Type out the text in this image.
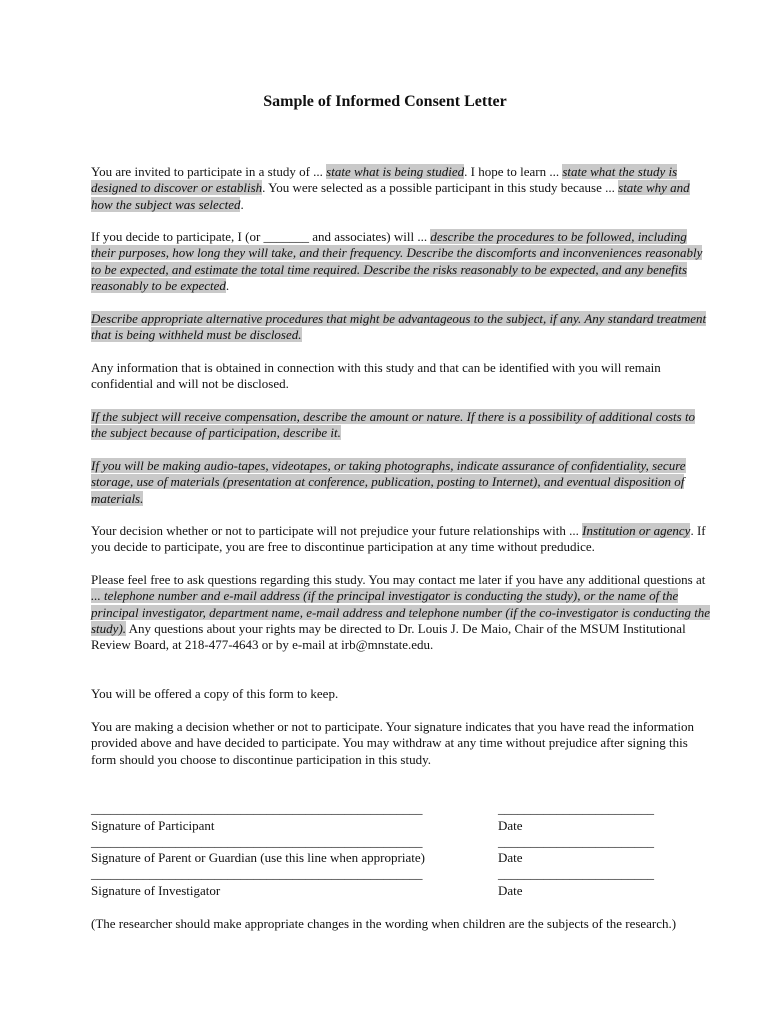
Sample of Informed Consent Letter
You are invited to participate in a study of ... state what is being studied. I hope to learn ... state what the study is designed to discover or establish. You were selected as a possible participant in this study because ... state why and how the subject was selected.
If you decide to participate, I (or _______ and associates) will ... describe the procedures to be followed, including their purposes, how long they will take, and their frequency. Describe the discomforts and inconveniences reasonably to be expected, and estimate the total time required. Describe the risks reasonably to be expected, and any benefits reasonably to be expected.
Describe appropriate alternative procedures that might be advantageous to the subject, if any. Any standard treatment that is being withheld must be disclosed.
Any information that is obtained in connection with this study and that can be identified with you will remain confidential and will not be disclosed.
If the subject will receive compensation, describe the amount or nature. If there is a possibility of additional costs to the subject because of participation, describe it.
If you will be making audio-tapes, videotapes, or taking photographs, indicate assurance of confidentiality, secure storage, use of materials (presentation at conference, publication, posting to Internet), and eventual disposition of materials.
Your decision whether or not to participate will not prejudice your future relationships with ... Institution or agency. If you decide to participate, you are free to discontinue participation at any time without predudice.
Please feel free to ask questions regarding this study. You may contact me later if you have any additional questions at ... telephone number and e-mail address (if the principal investigator is conducting the study), or the name of the principal investigator, department name, e-mail address and telephone number (if the co-investigator is conducting the study). Any questions about your rights may be directed to Dr. Louis J. De Maio, Chair of the MSUM Institutional Review Board, at 218-477-4643 or by e-mail at irb@mnstate.edu.
You will be offered a copy of this form to keep.
You are making a decision whether or not to participate. Your signature indicates that you have read the information provided above and have decided to participate. You may withdraw at any time without prejudice after signing this form should you choose to discontinue participation in this study.
___________________________________________________	________________________
Signature of Participant	Date
___________________________________________________	________________________
Signature of Parent or Guardian (use this line when appropriate)	Date
___________________________________________________	________________________
Signature of Investigator	Date
(The researcher should make appropriate changes in the wording when children are the subjects of the research.)
